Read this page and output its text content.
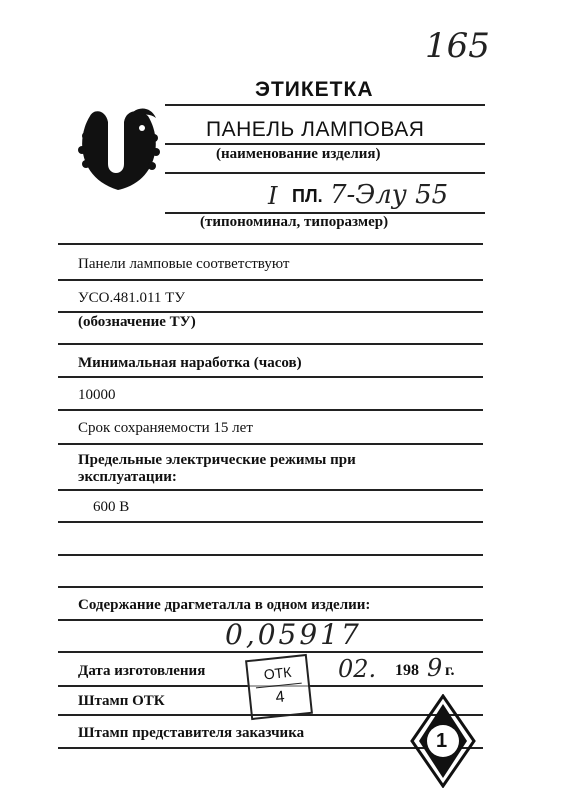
165
ЭТИКЕТКА
ПАНЕЛЬ ЛАМПОВАЯ
(наименование изделия)
I ПЛ. 7-Элу 55
(типономинал, типоразмер)
Панели ламповые соответствуют
УСО.481.011 ТУ
(обозначение ТУ)
Минимальная наработка (часов)
10000
Срок сохраняемости 15 лет
Предельные электрические режимы при
эксплуатации:
600 В
Содержание драгметалла в одном изделии:
0,05917
Дата изготовления	02. 198 9 г.
ОТК
4
Штамп ОТК
Штамп представителя заказчика	1
